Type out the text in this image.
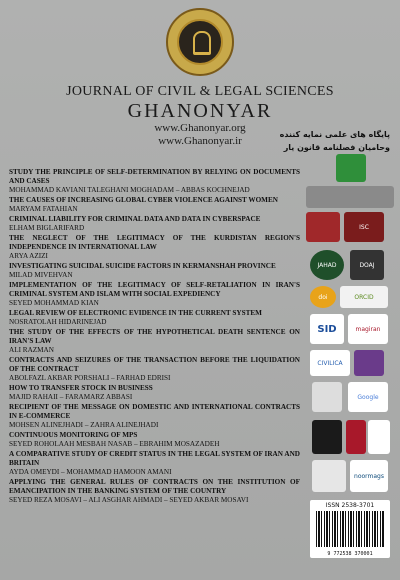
JOURNAL OF CIVIL & LEGAL SCIENCES
GHANONYAR
www.Ghanonyar.org
www.Ghanonyar.ir
پایگاه های علمی نمایه کننده
وحامیان فصلنامه قانون یار
STUDY THE PRINCIPLE OF SELF-DETERMINATION BY RELYING ON DOCUMENTS AND CASES
MOHAMMAD KAVIANI TALEGHANI MOGHADAM – ABBAS KOCHNEJAD
THE CAUSES OF INCREASING GLOBAL CYBER VIOLENCE AGAINST WOMEN
MARYAM FATAHIAN
CRIMINAL LIABILITY FOR CRIMINAL DATA AND DATA IN CYBERSPACE
ELHAM BIGLARIFARD
THE NEGLECT OF THE LEGITIMACY OF THE KURDISTAN REGION'S INDEPENDENCE IN INTERNATIONAL LAW
ARYA AZIZI
INVESTIGATING SUICIDAL SUICIDE FACTORS IN KERMANSHAH PROVINCE
MILAD MIVEHVAN
IMPLEMENTATION OF THE LEGITIMACY OF SELF-RETALIATION IN IRAN'S CRIMINAL SYSTEM AND ISLAM WITH SOCIAL EXPEDIENCY
SEYED MOHAMMAD KIAN
LEGAL REVIEW OF ELECTRONIC EVIDENCE IN THE CURRENT SYSTEM
NOSRATOLAH HIDARINEJAD
THE STUDY OF THE EFFECTS OF THE HYPOTHETICAL DEATH SENTENCE ON IRAN'S LAW
ALI RAZMAN
CONTRACTS AND SEIZURES OF THE TRANSACTION BEFORE THE LIQUIDATION OF THE CONTRACT
ABOLFAZL AKBAR PORSHALI – FARHAD EDRISI
HOW TO TRANSFER STOCK IN BUSINESS
MAJID RAHAII – FARAMARZ ABBASI
RECIPIENT OF THE MESSAGE ON DOMESTIC AND INTERNATIONAL CONTRACTS IN E-COMMERCE
MOHSEN ALINEJHADI – ZAHRA ALINEJHADI
CONTINUOUS MONITORING OF MPS
SEYED ROHOLAAH MESBAH NASAB – EBRAHIM MOSAZADEH
A COMPARATIVE STUDY OF CREDIT STATUS IN THE LEGAL SYSTEM OF IRAN AND BRITAIN
AYDA OMEYDI – MOHAMMAD HAMOON AMANI
APPLYING THE GENERAL RULES OF CONTRACTS ON THE INSTITUTION OF EMANCIPATION IN THE BANKING SYSTEM OF THE COUNTRY
SEYED REZA MOSAVI – ALI ASGHAR AHMADI – SEYED AKBAR MOSAVI
ISC
JAHAD	DOAJ
doi	ORCID
SID	magiran
CIVILICA
Google
noormags
ISSN 2538-3701
9 772538 370001
